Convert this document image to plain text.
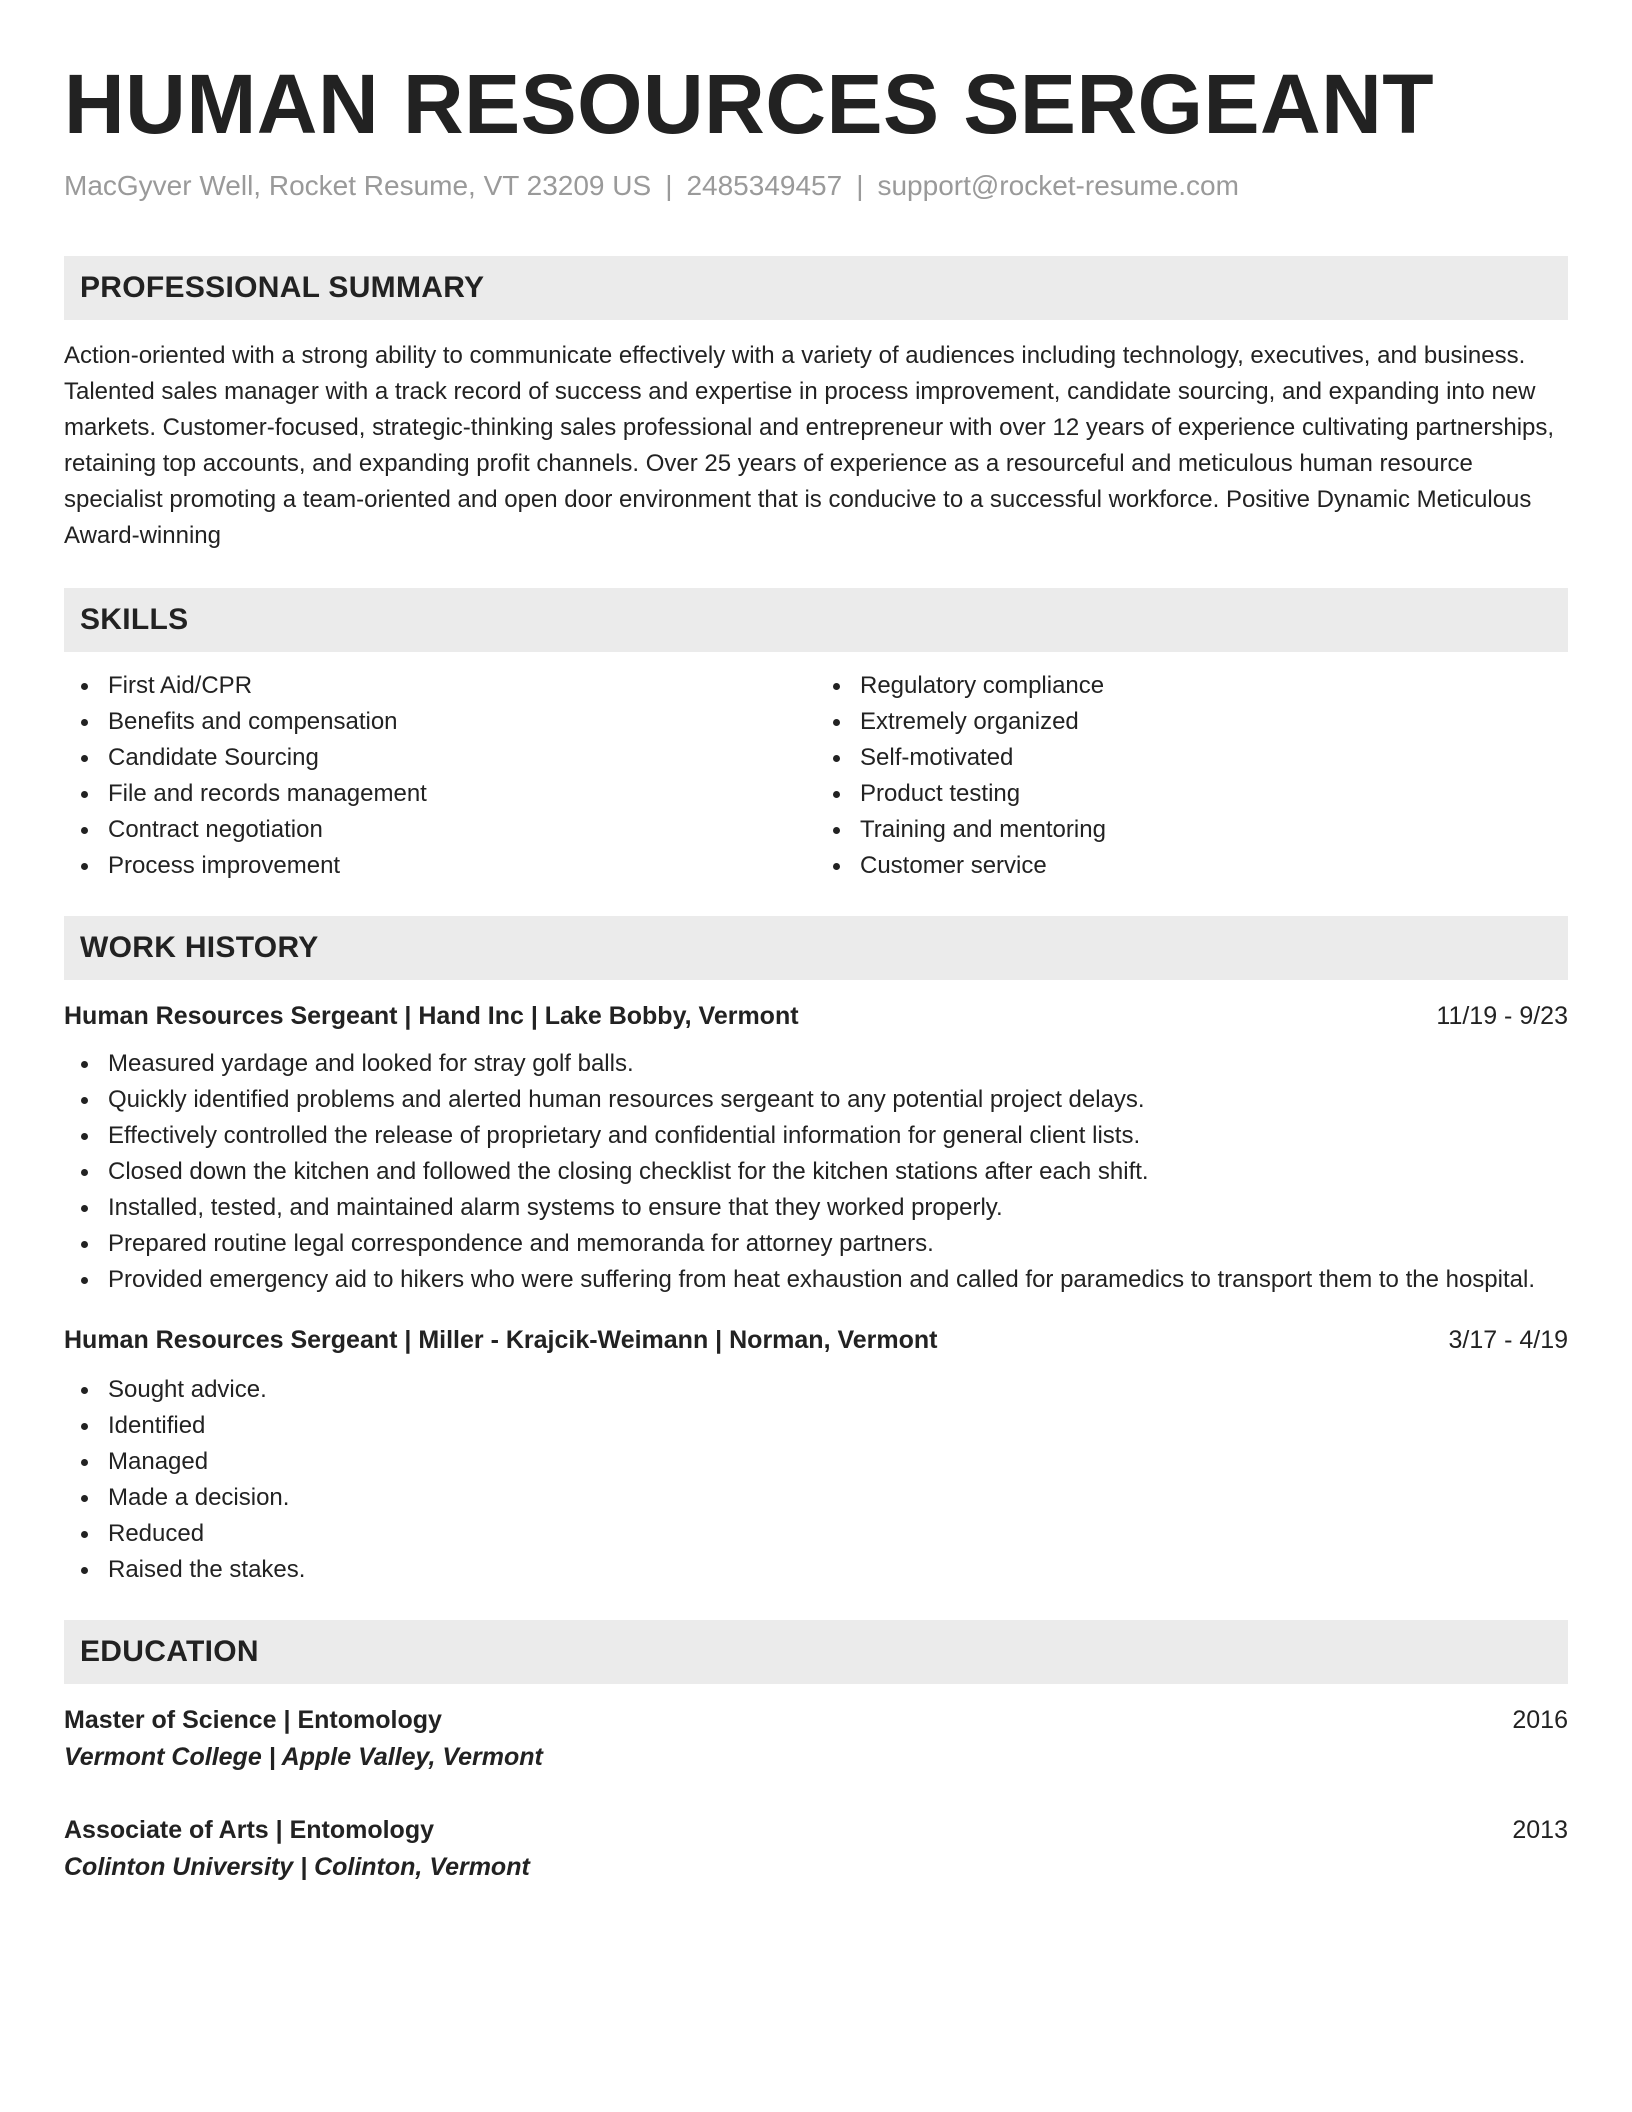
HUMAN RESOURCES SERGEANT
MacGyver Well, Rocket Resume, VT 23209 US | 2485349457 | support@rocket-resume.com
PROFESSIONAL SUMMARY

Action-oriented with a strong ability to communicate effectively with a variety of audiences including technology, executives, and business. Talented sales manager with a track record of success and expertise in process improvement, candidate sourcing, and expanding into new markets. Customer-focused, strategic-thinking sales professional and entrepreneur with over 12 years of experience cultivating partnerships, retaining top accounts, and expanding profit channels. Over 25 years of experience as a resourceful and meticulous human resource specialist promoting a team-oriented and open door environment that is conducive to a successful workforce. Positive Dynamic Meticulous Award-winning

SKILLS
First Aid/CPR
Benefits and compensation
Candidate Sourcing
File and records management
Contract negotiation
Process improvement
Regulatory compliance
Extremely organized
Self-motivated
Product testing
Training and mentoring
Customer service
WORK HISTORY
Human Resources Sergeant | Hand Inc | Lake Bobby, Vermont	11/19 - 9/23
Measured yardage and looked for stray golf balls.
Quickly identified problems and alerted human resources sergeant to any potential project delays.
Effectively controlled the release of proprietary and confidential information for general client lists.
Closed down the kitchen and followed the closing checklist for the kitchen stations after each shift.
Installed, tested, and maintained alarm systems to ensure that they worked properly.
Prepared routine legal correspondence and memoranda for attorney partners.
Provided emergency aid to hikers who were suffering from heat exhaustion and called for paramedics to transport them to the hospital.
Human Resources Sergeant | Miller - Krajcik-Weimann | Norman, Vermont	3/17 - 4/19
Sought advice.
Identified
Managed
Made a decision.
Reduced
Raised the stakes.
EDUCATION
Master of Science | Entomology	2016
Vermont College | Apple Valley, Vermont
Associate of Arts | Entomology	2013
Colinton University | Colinton, Vermont
